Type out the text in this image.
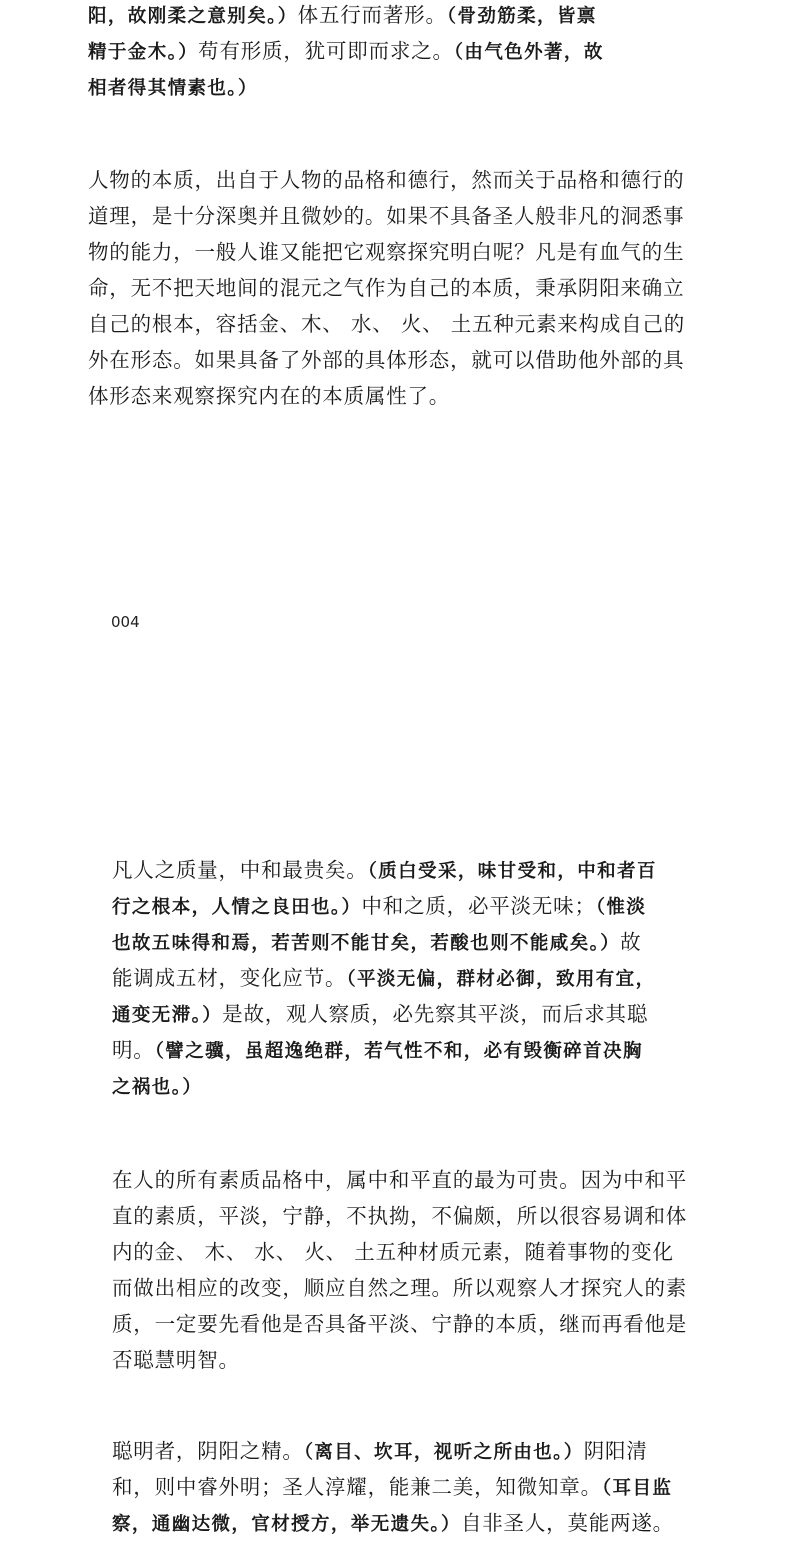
阳，故刚柔之意别矣。）体五行而著形。（骨劲筋柔，皆禀
精于金木。）苟有形质，犹可即而求之。（由气色外著，故
相者得其情素也。）
人物的本质，出自于人物的品格和德行，然而关于品格和德行的
道理，是十分深奥并且微妙的。如果不具备圣人般非凡的洞悉事
物的能力，一般人谁又能把它观察探究明白呢？凡是有血气的生
命，无不把天地间的混元之气作为自己的本质，秉承阴阳来确立
自己的根本，容括金、木、 水、 火、 土五种元素来构成自己的
外在形态。如果具备了外部的具体形态，就可以借助他外部的具
体形态来观察探究内在的本质属性了。
004
凡人之质量，中和最贵矣。（质白受采，味甘受和，中和者百
行之根本，人情之良田也。）中和之质，必平淡无味；（惟淡
也故五味得和焉，若苦则不能甘矣，若酸也则不能咸矣。）故
能调成五材，变化应节。（平淡无偏，群材必御，致用有宜，
通变无滞。）是故，观人察质，必先察其平淡，而后求其聪
明。（譬之骥，虽超逸绝群，若气性不和，必有毁衡碎首决胸
之祸也。）
在人的所有素质品格中，属中和平直的最为可贵。因为中和平
直的素质，平淡，宁静，不执拗，不偏颇，所以很容易调和体
内的金、 木、 水、 火、 土五种材质元素，随着事物的变化
而做出相应的改变，顺应自然之理。所以观察人才探究人的素
质，一定要先看他是否具备平淡、宁静的本质，继而再看他是
否聪慧明智。
聪明者，阴阳之精。（离目、坎耳，视听之所由也。）阴阳清
和，则中睿外明；圣人淳耀，能兼二美，知微知章。（耳目监
察，通幽达微，官材授方，举无遗失。）自非圣人，莫能两遂。
